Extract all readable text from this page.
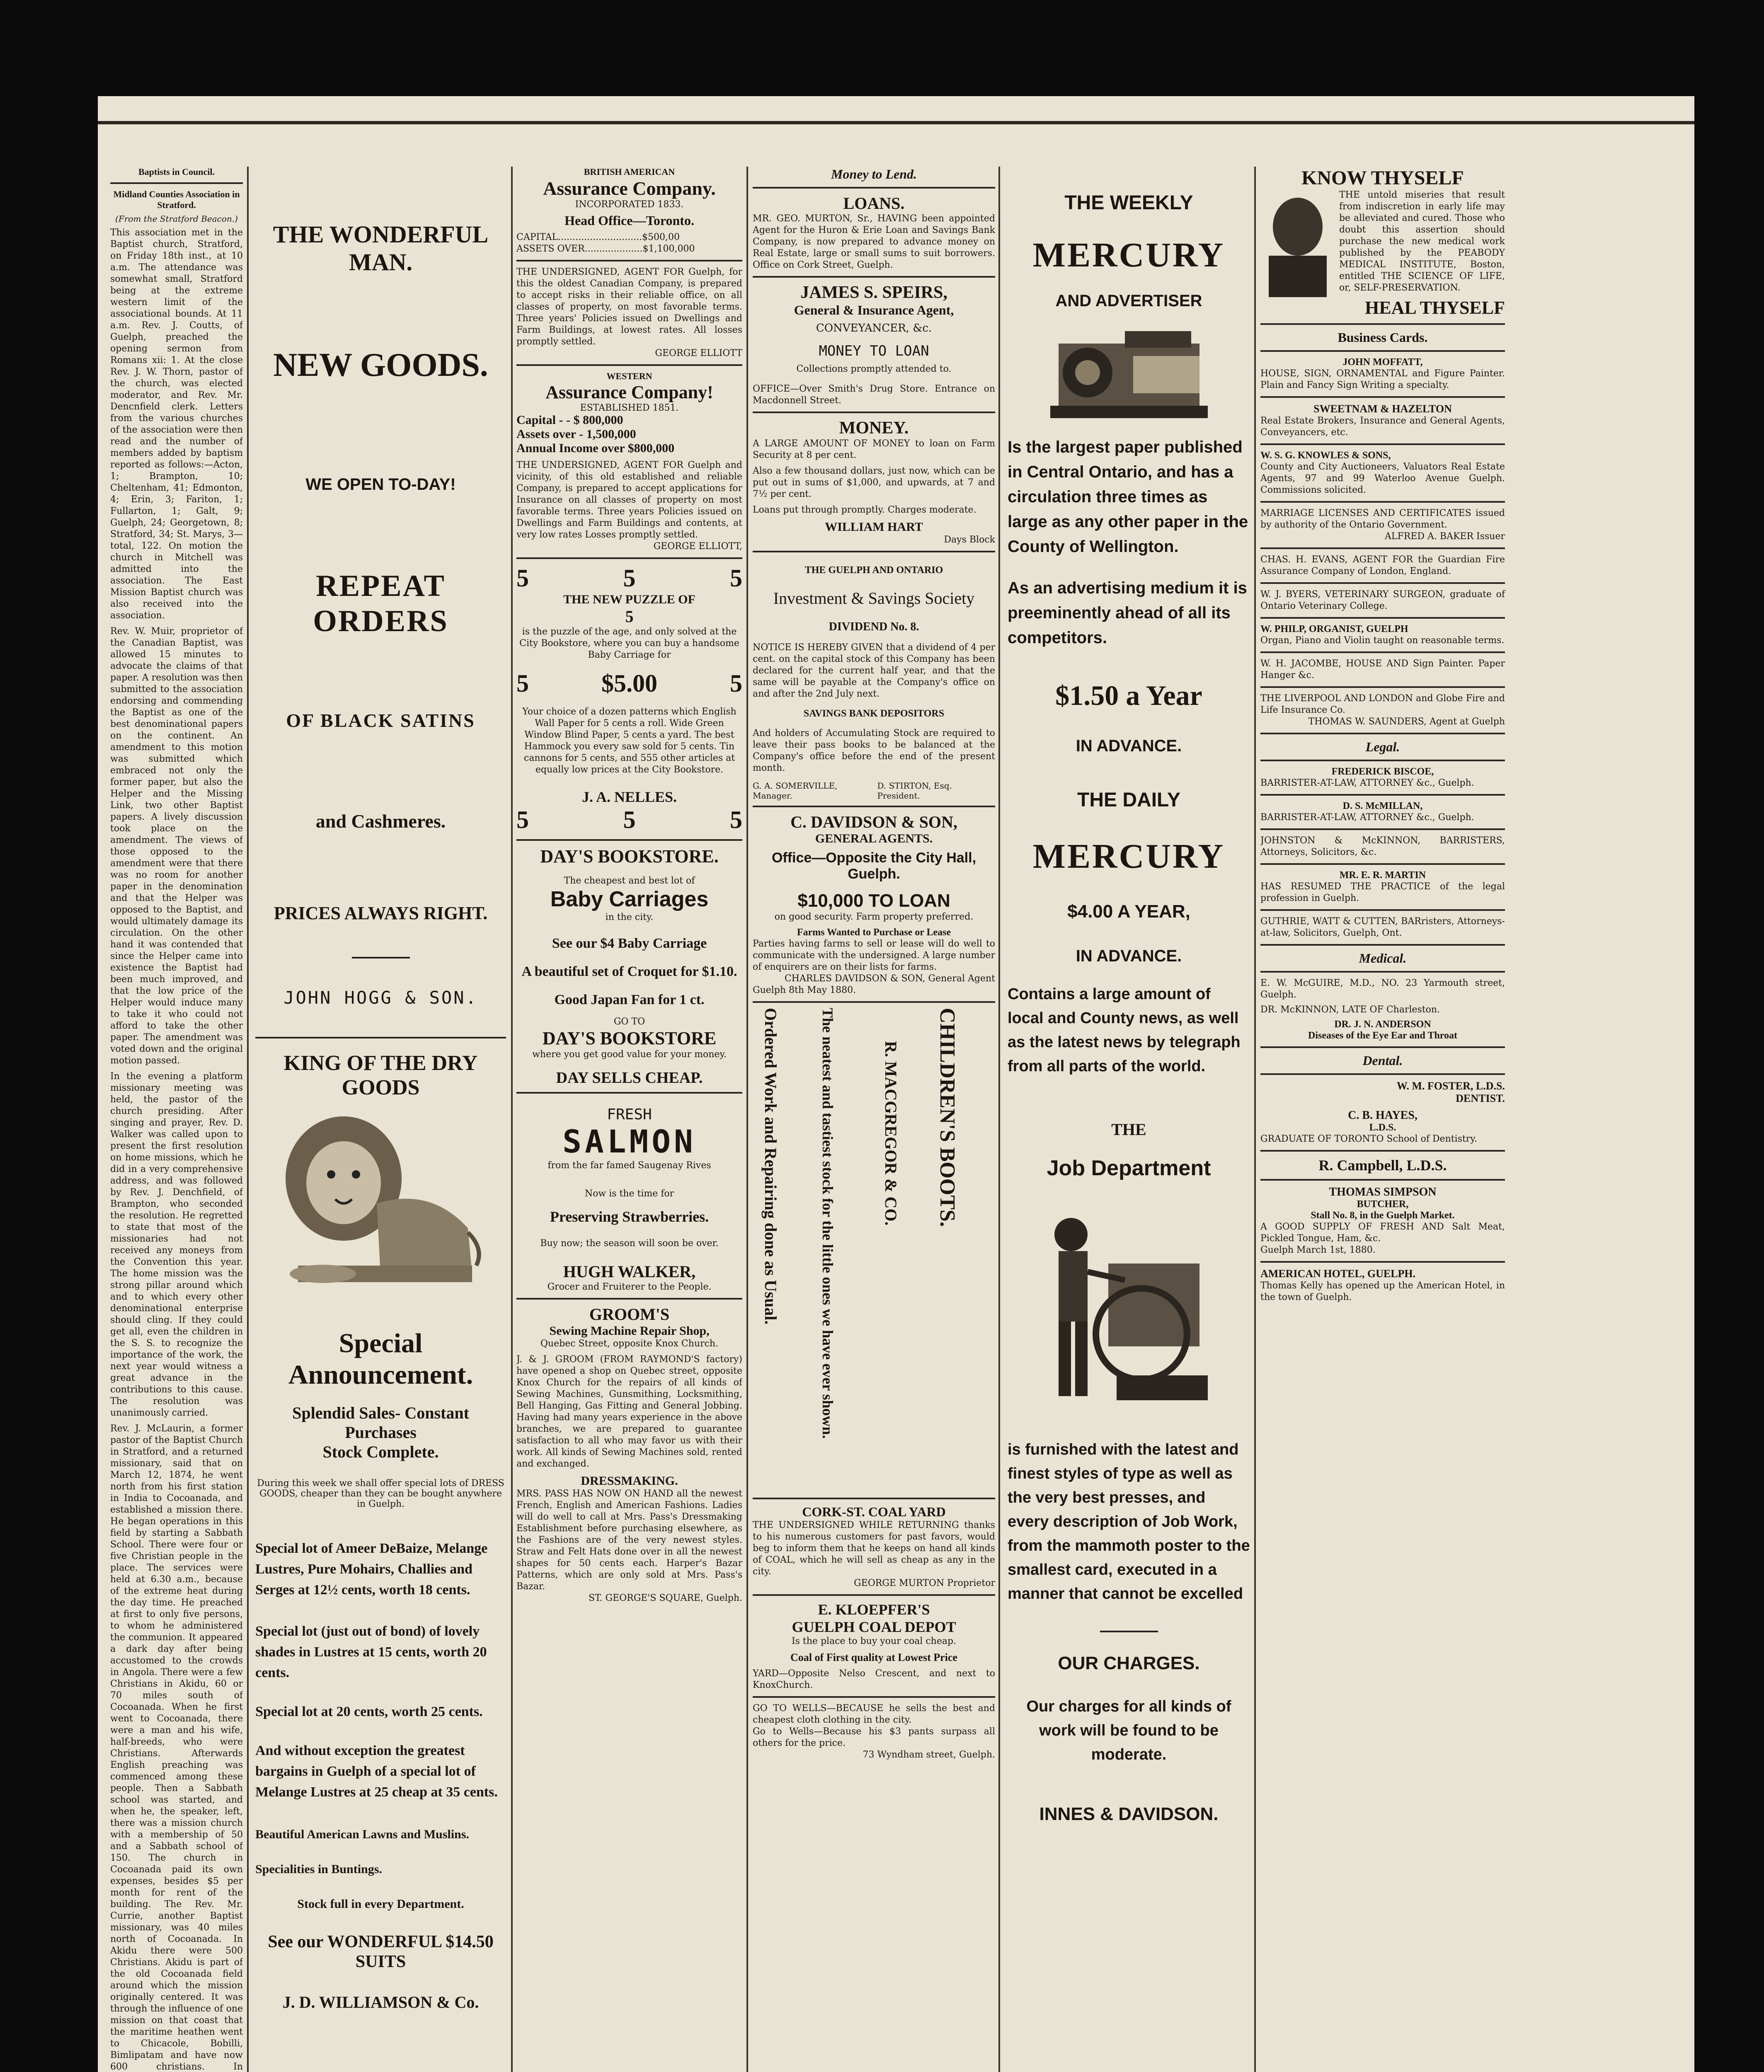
Baptists in Council.
Midland Counties Association in Stratford.
(From the Stratford Beacon.)

This association met in the Baptist church, Stratford, on Friday 18th inst., at 10 a.m. The attendance was somewhat small, Stratford being at the extreme western limit of the associational bounds. At 11 a.m. Rev. J. Coutts, of Guelph, preached the opening sermon from Romans xii: 1. At the close Rev. J. W. Thorn, pastor of the church, was elected moderator, and Rev. Mr. Dencnfield clerk. Letters from the various churches of the association were then read and the number of members added by baptism reported as follows:—Acton, 1; Brampton, 10; Cheltenham, 41; Edmonton, 4; Erin, 3; Fariton, 1; Fullarton, 1; Galt, 9; Guelph, 24; Georgetown, 8; Stratford, 34; St. Marys, 3—total, 122. On motion the church in Mitchell was admitted into the association. The East Mission Baptist church was also received into the association.

Rev. W. Muir, proprietor of the Canadian Baptist, was allowed 15 minutes to advocate the claims of that paper. A resolution was then submitted to the association endorsing and commending the Baptist as one of the best denominational papers on the continent. An amendment to this motion was submitted which embraced not only the former paper, but also the Helper and the Missing Link, two other Baptist papers. A lively discussion took place on the amendment. The views of those opposed to the amendment were that there was no room for another paper in the denomination and that the Helper was opposed to the Baptist, and would ultimately damage its circulation. On the other hand it was contended that since the Helper came into existence the Baptist had been much improved, and that the low price of the Helper would induce many to take it who could not afford to take the other paper. The amendment was voted down and the original motion passed.

In the evening a platform missionary meeting was held, the pastor of the church presiding. After singing and prayer, Rev. D. Walker was called upon to present the first resolution on home missions, which he did in a very comprehensive address, and was followed by Rev. J. Denchfield, of Brampton, who seconded the resolution. He regretted to state that most of the missionaries had not received any moneys from the Convention this year. The home mission was the strong pillar around which and to which every other denominational enterprise should cling. If they could get all, even the children in the S. S. to recognize the importance of the work, the next year would witness a great advance in the contributions to this cause. The resolution was unanimously carried.

Rev. J. McLaurin, a former pastor of the Baptist Church in Stratford, and a returned missionary, said that on March 12, 1874, he went north from his first station in India to Cocoanada, and established a mission there. He began operations in this field by starting a Sabbath School. There were four or five Christian people in the place. The services were held at 6.30 a.m., because of the extreme heat during the day time. He preached at first to only five persons, to whom he administered the communion. It appeared a dark day after being accustomed to the crowds in Angola. There were a few Christians in Akidu, 60 or 70 miles south of Cocoanada. When he first went to Cocoanada, there were a man and his wife, half-breeds, who were Christians. Afterwards English preaching was commenced among these people. Then a Sabbath school was started, and when he, the speaker, left, there was a mission church with a membership of 50 and a Sabbath school of 150. The church in Cocoanada paid its own expenses, besides $5 per month for rent of the building. The Rev. Mr. Currie, another Baptist missionary, was 40 miles north of Cocoanada. In Akidu there were 500 Christians. Akidu is part of the old Cocoanada field around which the mission originally centered. It was through the influence of one mission on that coast that the maritime heathen went to Chicacole, Bobilli, Bimlipatam and have now 600 christians. In

THE WONDERFUL MAN.
NEW GOODS.
WE OPEN TO-DAY!
REPEAT ORDERS
OF BLACK SATINS
and Cashmeres.
PRICES ALWAYS RIGHT.
JOHN HOGG & SON.
KING OF THE DRY GOODS
Special Announcement.
Splendid Sales- Constant Purchases
Stock Complete.
During this week we shall offer special lots of DRESS GOODS, cheaper than they can be bought anywhere in Guelph.
Special lot of Ameer DeBaize, Melange Lustres, Pure Mohairs, Challies and Serges at 12½ cents, worth 18 cents.
Special lot (just out of bond) of lovely shades in Lustres at 15 cents, worth 20 cents.
Special lot at 20 cents, worth 25 cents.
And without exception the greatest bargains in Guelph of a special lot of Melange Lustres at 25 cheap at 35 cents.
Beautiful American Lawns and Muslins.
Specialities in Buntings.
Stock full in every Department.
See our WONDERFUL $14.50 SUITS
J. D. WILLIAMSON & Co.
BRITISH AMERICAN
Assurance Company.
INCORPORATED 1833.
Head Office—Toronto.
CAPITAL.............................$500,00
ASSETS OVER....................$1,100,000
THE UNDERSIGNED, AGENT FOR Guelph, for this the oldest Canadian Company, is prepared to accept risks in their reliable office, on all classes of property, on most favorable terms. Three years' Policies issued on Dwellings and Farm Buildings, at lowest rates. All losses promptly settled.
GEORGE ELLIOTT
WESTERN
Assurance Company!
ESTABLISHED 1851.
Capital - - $ 800,000
Assets over - 1,500,000
Annual Income over $800,000
THE UNDERSIGNED, AGENT FOR Guelph and vicinity, of this old established and reliable Company, is prepared to accept applications for Insurance on all classes of property on most favorable terms. Three years Policies issued on Dwellings and Farm Buildings and contents, at very low rates Losses promptly settled.
GEORGE ELLIOTT,
5	5	5
THE NEW PUZZLE OF
5
is the puzzle of the age, and only solved at the City Bookstore, where you can buy a handsome Baby Carriage for
5	$5.00	5
Your choice of a dozen patterns which English Wall Paper for 5 cents a roll. Wide Green Window Blind Paper, 5 cents a yard. The best Hammock you every saw sold for 5 cents. Tin cannons for 5 cents, and 555 other articles at equally low prices at the City Bookstore.
J. A. NELLES.
5	5	5
DAY'S BOOKSTORE.
The cheapest and best lot of
Baby Carriages
in the city.
See our $4 Baby Carriage
A beautiful set of Croquet for $1.10.
Good Japan Fan for 1 ct.
GO TO
DAY'S BOOKSTORE
where you get good value for your money.
DAY SELLS CHEAP.
FRESH
SALMON
from the far famed Saugenay Rives
Now is the time for
Preserving Strawberries.
Buy now; the season will soon be over.
HUGH WALKER,
Grocer and Fruiterer to the People.
GROOM'S
Sewing Machine Repair Shop,
Quebec Street, opposite Knox Church.
J. & J. GROOM (FROM RAYMOND'S factory) have opened a shop on Quebec street, opposite Knox Church for the repairs of all kinds of Sewing Machines, Gunsmithing, Locksmithing, Bell Hanging, Gas Fitting and General Jobbing. Having had many years experience in the above branches, we are prepared to guarantee satisfaction to all who may favor us with their work. All kinds of Sewing Machines sold, rented and exchanged.
DRESSMAKING.
MRS. PASS HAS NOW ON HAND all the newest French, English and American Fashions. Ladies will do well to call at Mrs. Pass's Dressmaking Establishment before purchasing elsewhere, as the Fashions are of the very newest styles. Straw and Felt Hats done over in all the newest shapes for 50 cents each. Harper's Bazar Patterns, which are only sold at Mrs. Pass's Bazar.
ST. GEORGE'S SQUARE, Guelph.
Money to Lend.
LOANS.
MR. GEO. MURTON, Sr., HAVING been appointed Agent for the Huron & Erie Loan and Savings Bank Company, is now prepared to advance money on Real Estate, large or small sums to suit borrowers. Office on Cork Street, Guelph.
JAMES S. SPEIRS,
General & Insurance Agent,
CONVEYANCER, &c.
MONEY TO LOAN
Collections promptly attended to.
OFFICE—Over Smith's Drug Store. Entrance on Macdonnell Street.
MONEY.
A LARGE AMOUNT OF MONEY to loan on Farm Security at 8 per cent.
Also a few thousand dollars, just now, which can be put out in sums of $1,000, and upwards, at 7 and 7½ per cent.
Loans put through promptly. Charges moderate.
WILLIAM HART
Days Block
THE GUELPH AND ONTARIO
Investment & Savings Society
DIVIDEND No. 8.
NOTICE IS HEREBY GIVEN that a dividend of 4 per cent. on the capital stock of this Company has been declared for the current half year, and that the same will be payable at the Company's office on and after the 2nd July next.
SAVINGS BANK DEPOSITORS
And holders of Accumulating Stock are required to leave their pass books to be balanced at the Company's office before the end of the present month.
G. A. SOMERVILLE, Manager.
D. STIRTON, Esq. President.
C. DAVIDSON & SON,
GENERAL AGENTS.
Office—Opposite the City Hall, Guelph.
$10,000 TO LOAN
on good security. Farm property preferred.
Farms Wanted to Purchase or Lease
Parties having farms to sell or lease will do well to communicate with the undersigned. A large number of enquirers are on their lists for farms.
CHARLES DAVIDSON & SON, General Agent
Guelph 8th May 1880.
Ordered Work and Repairing done as Usual.	The neatest and tastiest stock for the little ones we have ever shown.	R. MACGREGOR & CO. CHILDREN'S BOOTS.
CORK-ST. COAL YARD
THE UNDERSIGNED WHILE RETURNING thanks to his numerous customers for past favors, would beg to inform them that he keeps on hand all kinds of COAL, which he will sell as cheap as any in the city.
GEORGE MURTON Proprietor
E. KLOEPFER'S
GUELPH COAL DEPOT
Is the place to buy your coal cheap.
Coal of First quality at Lowest Price
YARD—Opposite Nelso Crescent, and next to KnoxChurch.
GO TO WELLS—BECAUSE he sells the best and cheapest cloth clothing in the city.
Go to Wells—Because his $3 pants surpass all others for the price.
73 Wyndham street, Guelph.
THE WEEKLY
MERCURY
AND ADVERTISER
Is the largest paper published in Central Ontario, and has a circulation three times as large as any other paper in the County of Wellington.
As an advertising medium it is preeminently ahead of all its competitors.
$1.50 a Year
IN ADVANCE.
THE DAILY
MERCURY
$4.00 A YEAR,
IN ADVANCE.
Contains a large amount of local and County news, as well as the latest news by telegraph from all parts of the world.
THE
Job Department
is furnished with the latest and finest styles of type as well as the very best presses, and every description of Job Work, from the mammoth poster to the smallest card, executed in a manner that cannot be excelled
OUR CHARGES.
Our charges for all kinds of work will be found to be moderate.
INNES & DAVIDSON.
KNOW THYSELF
THE untold miseries that result from indiscretion in early life may be alleviated and cured. Those who doubt this assertion should purchase the new medical work published by the PEABODY MEDICAL INSTITUTE, Boston, entitled THE SCIENCE OF LIFE, or, SELF-PRESERVATION.
HEAL THYSELF
Business Cards.
JOHN MOFFATT,
HOUSE, SIGN, ORNAMENTAL and Figure Painter. Plain and Fancy Sign Writing a specialty.
SWEETNAM & HAZELTON
Real Estate Brokers, Insurance and General Agents, Conveyancers, etc.
W. S. G. KNOWLES & SONS,
County and City Auctioneers, Valuators Real Estate Agents, 97 and 99 Waterloo Avenue Guelph. Commissions solicited.
MARRIAGE LICENSES AND CERTIFICATES issued by authority of the Ontario Government.
ALFRED A. BAKER Issuer
CHAS. H. EVANS, AGENT FOR the Guardian Fire Assurance Company of London, England.
W. J. BYERS, VETERINARY SURGEON, graduate of Ontario Veterinary College.
W. PHILP, ORGANIST, GUELPH
Organ, Piano and Violin taught on reasonable terms.
W. H. JACOMBE, HOUSE AND Sign Painter. Paper Hanger &c.
THE LIVERPOOL AND LONDON and Globe Fire and Life Insurance Co.
THOMAS W. SAUNDERS, Agent at Guelph
Legal.
FREDERICK BISCOE,
BARRISTER-AT-LAW, ATTORNEY &c., Guelph.
D. S. McMILLAN,
BARRISTER-AT-LAW, ATTORNEY &c., Guelph.
JOHNSTON & McKINNON, BARRISTERS, Attorneys, Solicitors, &c.
MR. E. R. MARTIN
HAS RESUMED THE PRACTICE of the legal profession in Guelph.
GUTHRIE, WATT & CUTTEN, BARristers, Attorneys-at-law, Solicitors, Guelph, Ont.
Medical.
E. W. McGUIRE, M.D., NO. 23 Yarmouth street, Guelph.
DR. McKINNON, LATE OF Charleston.
DR. J. N. ANDERSON
Diseases of the Eye Ear and Throat
Dental.
W. M. FOSTER, L.D.S.
DENTIST.
C. B. HAYES,
L.D.S.
GRADUATE OF TORONTO School of Dentistry.
R. Campbell, L.D.S.
THOMAS SIMPSON
BUTCHER,
Stall No. 8, in the Guelph Market.
A GOOD SUPPLY OF FRESH AND Salt Meat, Pickled Tongue, Ham, &c.
Guelph March 1st, 1880.
AMERICAN HOTEL, GUELPH.
Thomas Kelly has opened up the American Hotel, in the town of Guelph.
